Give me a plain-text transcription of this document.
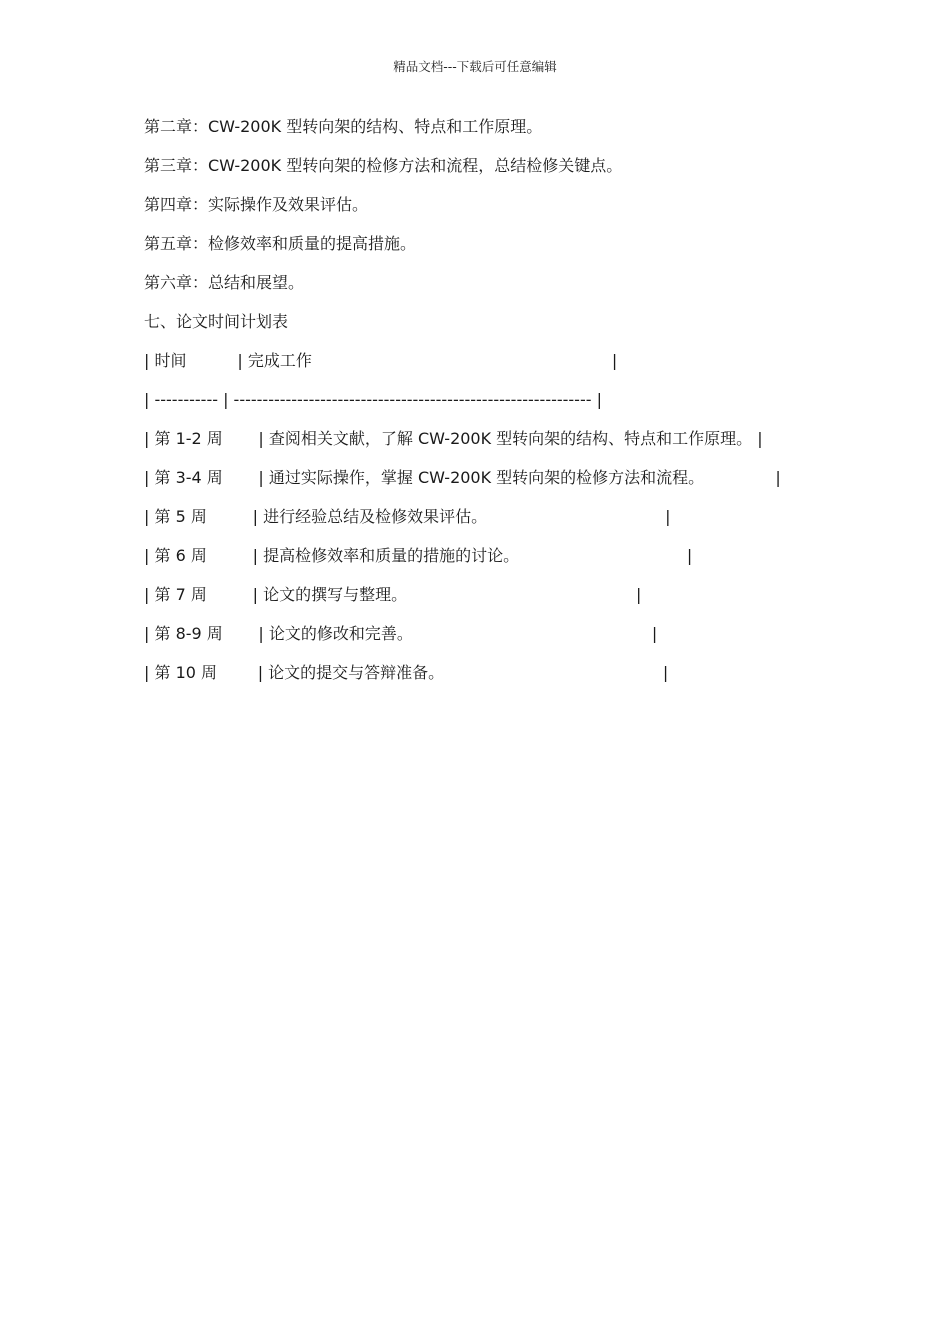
精品文档---下载后可任意编辑
第二章：CW-200K 型转向架的结构、特点和工作原理。
第三章：CW-200K 型转向架的检修方法和流程，总结检修关键点。
第四章：实际操作及效果评估。
第五章：检修效率和质量的提高措施。
第六章：总结和展望。
七、论文时间计划表
| 时间          | 完成工作                                                           |
| ----------- | -------------------------------------------------------------- |
| 第 1-2 周       | 查阅相关文献，了解 CW-200K 型转向架的结构、特点和工作原理。 |
| 第 3-4 周       | 通过实际操作，掌握 CW-200K 型转向架的检修方法和流程。              |
| 第 5 周         | 进行经验总结及检修效果评估。                                   |
| 第 6 周         | 提高检修效率和质量的措施的讨论。                                 |
| 第 7 周         | 论文的撰写与整理。                                             |
| 第 8-9 周       | 论文的修改和完善。                                               |
| 第 10 周        | 论文的提交与答辩准备。                                           |
